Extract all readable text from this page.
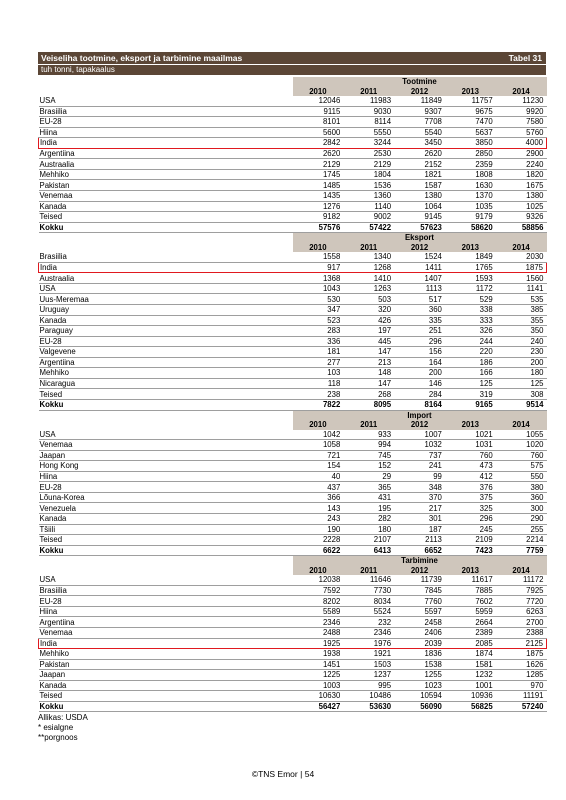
Veiseliha tootmine, eksport ja tarbimine maailmas	Tabel 31
tuh tonni, tapakaalus
	Tootmine				
	2010	2011	2012	2013	2014
USA	12046	11983	11849	11757	11230
Brasiilia	9115	9030	9307	9675	9920
EU-28	8101	8114	7708	7470	7580
Hiina	5600	5550	5540	5637	5760
India	2842	3244	3450	3850	4000
Argentiina	2620	2530	2620	2850	2900
Austraalia	2129	2129	2152	2359	2240
Mehhiko	1745	1804	1821	1808	1820
Pakistan	1485	1536	1587	1630	1675
Venemaa	1435	1360	1380	1370	1380
Kanada	1276	1140	1064	1035	1025
Teised	9182	9002	9145	9179	9326
Kokku	57576	57422	57623	58620	58856
	Eksport				
	2010	2011	2012	2013	2014
Brasiilia	1558	1340	1524	1849	2030
India	917	1268	1411	1765	1875
Austraalia	1368	1410	1407	1593	1560
USA	1043	1263	1113	1172	1141
Uus-Meremaa	530	503	517	529	535
Uruguay	347	320	360	338	385
Kanada	523	426	335	333	355
Paraguay	283	197	251	326	350
EU-28	336	445	296	244	240
Valgevene	181	147	156	220	230
Argentiina	277	213	164	186	200
Mehhiko	103	148	200	166	180
Nicaragua	118	147	146	125	125
Teised	238	268	284	319	308
Kokku	7822	8095	8164	9165	9514
	Import				
	2010	2011	2012	2013	2014
USA	1042	933	1007	1021	1055
Venemaa	1058	994	1032	1031	1020
Jaapan	721	745	737	760	760
Hong Kong	154	152	241	473	575
Hiina	40	29	99	412	550
EU-28	437	365	348	376	380
Lõuna-Korea	366	431	370	375	360
Venezuela	143	195	217	325	300
Kanada	243	282	301	296	290
Tšiili	190	180	187	245	255
Teised	2228	2107	2113	2109	2214
Kokku	6622	6413	6652	7423	7759
	Tarbimine				
	2010	2011	2012	2013	2014
USA	12038	11646	11739	11617	11172
Brasiilia	7592	7730	7845	7885	7925
EU-28	8202	8034	7760	7602	7720
Hiina	5589	5524	5597	5959	6263
Argentiina	2346	232	2458	2664	2700
Venemaa	2488	2346	2406	2389	2388
India	1925	1976	2039	2085	2125
Mehhiko	1938	1921	1836	1874	1875
Pakistan	1451	1503	1538	1581	1626
Jaapan	1225	1237	1255	1232	1285
Kanada	1003	995	1023	1001	970
Teised	10630	10486	10594	10936	11191
Kokku	56427	53630	56090	56825	57240
Allikas: USDA
* esialgne
**porgnoos
©TNS Emor | 54
